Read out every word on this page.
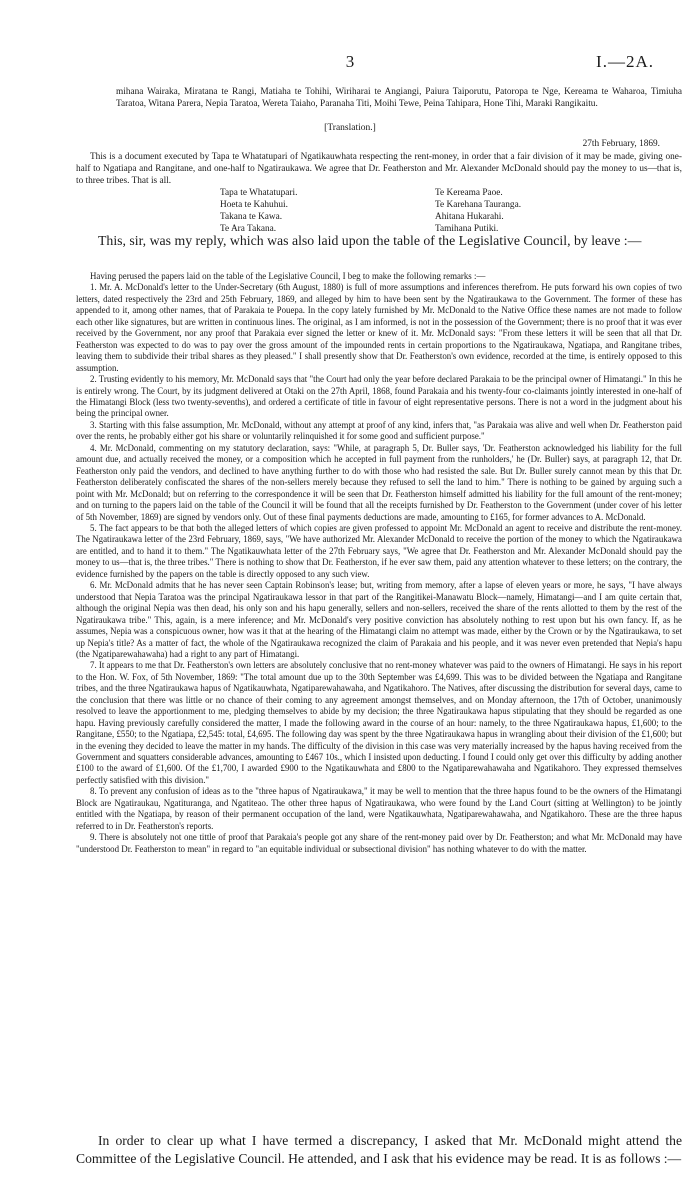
3	I.—2A.
mihana Wairaka, Miratana te Rangi, Matiaha te Tohihi, Wiriharai te Angiangi, Paiura Taiporutu, Patoropa te Nge, Kereama te Waharoa, Timiuha Taratoa, Witana Parera, Nepia Taratoa, Wereta Taiaho, Paranaha Titi, Moihi Tewe, Peina Tahipara, Hone Tihi, Maraki Rangikaitu.
[Translation.]
27th February, 1869.
This is a document executed by Tapa te Whatatupari of Ngatikauwhata respecting the rent-money, in order that a fair division of it may be made, giving one-half to Ngatiapa and Rangitane, and one-half to Ngatiraukawa. We agree that Dr. Featherston and Mr. Alexander McDonald should pay the money to us—that is, to three tribes. That is all.
Tapa te Whatatupari.	Te Kereama Paoe.
Hoeta te Kahuhui.	Te Karehana Tauranga.
Takana te Kawa.	Ahitana Hukarahi.
Te Ara Takana.	Tamihana Putiki.
This, sir, was my reply, which was also laid upon the table of the Legislative Council, by leave :—

Having perused the papers laid on the table of the Legislative Council, I beg to make the following remarks :—

1. Mr. A. McDonald's letter to the Under-Secretary (6th August, 1880) is full of more assumptions and inferences therefrom. He puts forward his own copies of two letters, dated respectively the 23rd and 25th February, 1869, and alleged by him to have been sent by the Ngatiraukawa to the Government. The former of these has appended to it, among other names, that of Parakaia te Pouepa. In the copy lately furnished by Mr. McDonald to the Native Office these names are not made to follow each other like signatures, but are written in continuous lines. The original, as I am informed, is not in the possession of the Government; there is no proof that it was ever received by the Government, nor any proof that Parakaia ever signed the letter or knew of it. Mr. McDonald says: "From these letters it will be seen that all that Dr. Featherston was expected to do was to pay over the gross amount of the impounded rents in certain proportions to the Ngatiraukawa, Ngatiapa, and Rangitane tribes, leaving them to subdivide their tribal shares as they pleased." I shall presently show that Dr. Featherston's own evidence, recorded at the time, is entirely opposed to this assumption.

2. Trusting evidently to his memory, Mr. McDonald says that "the Court had only the year before declared Parakaia to be the principal owner of Himatangi." In this he is entirely wrong. The Court, by its judgment delivered at Otaki on the 27th April, 1868, found Parakaia and his twenty-four co-claimants jointly interested in one-half of the Himatangi Block (less two twenty-sevenths), and ordered a certificate of title in favour of eight representative persons. There is not a word in the judgment about his being the principal owner.

3. Starting with this false assumption, Mr. McDonald, without any attempt at proof of any kind, infers that, "as Parakaia was alive and well when Dr. Featherston paid over the rents, he probably either got his share or voluntarily relinquished it for some good and sufficient purpose."

4. Mr. McDonald, commenting on my statutory declaration, says: "While, at paragraph 5, Dr. Buller says, 'Dr. Featherston acknowledged his liability for the full amount due, and actually received the money, or a composition which he accepted in full payment from the runholders,' he (Dr. Buller) says, at paragraph 12, that Dr. Featherston only paid the vendors, and declined to have anything further to do with those who had resisted the sale. But Dr. Buller surely cannot mean by this that Dr. Featherston deliberately confiscated the shares of the non-sellers merely because they refused to sell the land to him." There is nothing to be gained by arguing such a point with Mr. McDonald; but on referring to the correspondence it will be seen that Dr. Featherston himself admitted his liability for the full amount of the rent-money; and on turning to the papers laid on the table of the Council it will be found that all the receipts furnished by Dr. Featherston to the Government (under cover of his letter of 5th November, 1869) are signed by vendors only. Out of these final payments deductions are made, amounting to £165, for former advances to A. McDonald.

5. The fact appears to be that both the alleged letters of which copies are given professed to appoint Mr. McDonald an agent to receive and distribute the rent-money. The Ngatiraukawa letter of the 23rd February, 1869, says, "We have authorized Mr. Alexander McDonald to receive the portion of the money to which the Ngatiraukawa are entitled, and to hand it to them." The Ngatikauwhata letter of the 27th February says, "We agree that Dr. Featherston and Mr. Alexander McDonald should pay the money to us—that is, the three tribes." There is nothing to show that Dr. Featherston, if he ever saw them, paid any attention whatever to these letters; on the contrary, the evidence furnished by the papers on the table is directly opposed to any such view.

6. Mr. McDonald admits that he has never seen Captain Robinson's lease; but, writing from memory, after a lapse of eleven years or more, he says, "I have always understood that Nepia Taratoa was the principal Ngatiraukawa lessor in that part of the Rangitikei-Manawatu Block—namely, Himatangi—and I am quite certain that, although the original Nepia was then dead, his only son and his hapu generally, sellers and non-sellers, received the share of the rents allotted to them by the rest of the Ngatiraukawa tribe." This, again, is a mere inference; and Mr. McDonald's very positive conviction has absolutely nothing to rest upon but his own fancy. If, as he assumes, Nepia was a conspicuous owner, how was it that at the hearing of the Himatangi claim no attempt was made, either by the Crown or by the Ngatiraukawa, to set up Nepia's title? As a matter of fact, the whole of the Ngatiraukawa recognized the claim of Parakaia and his people, and it was never even pretended that Nepia's hapu (the Ngatiparewahawaha) had a right to any part of Himatangi.

7. It appears to me that Dr. Featherston's own letters are absolutely conclusive that no rent-money whatever was paid to the owners of Himatangi. He says in his report to the Hon. W. Fox, of 5th November, 1869: "The total amount due up to the 30th September was £4,699. This was to be divided between the Ngatiapa and Rangitane tribes, and the three Ngatiraukawa hapus of Ngatikauwhata, Ngatiparewahawaha, and Ngatikahoro. The Natives, after discussing the distribution for several days, came to the conclusion that there was little or no chance of their coming to any agreement amongst themselves, and on Monday afternoon, the 17th of October, unanimously resolved to leave the apportionment to me, pledging themselves to abide by my decision; the three Ngatiraukawa hapus stipulating that they should be regarded as one hapu. Having previously carefully considered the matter, I made the following award in the course of an hour: namely, to the three Ngatiraukawa hapus, £1,600; to the Rangitane, £550; to the Ngatiapa, £2,545: total, £4,695. The following day was spent by the three Ngatiraukawa hapus in wrangling about their division of the £1,600; but in the evening they decided to leave the matter in my hands. The difficulty of the division in this case was very materially increased by the hapus having received from the Government and squatters considerable advances, amounting to £467 10s., which I insisted upon deducting. I found I could only get over this difficulty by adding another £100 to the award of £1,600. Of the £1,700, I awarded £900 to the Ngatikauwhata and £800 to the Ngatiparewahawaha and Ngatikahoro. They expressed themselves perfectly satisfied with this division."

8. To prevent any confusion of ideas as to the "three hapus of Ngatiraukawa," it may be well to mention that the three hapus found to be the owners of the Himatangi Block are Ngatiraukau, Ngatituranga, and Ngatiteao. The other three hapus of Ngatiraukawa, who were found by the Land Court (sitting at Wellington) to be jointly entitled with the Ngatiapa, by reason of their permanent occupation of the land, were Ngatikauwhata, Ngatiparewahawaha, and Ngatikahoro. These are the three hapus referred to in Dr. Featherston's reports.

9. There is absolutely not one tittle of proof that Parakaia's people got any share of the rent-money paid over by Dr. Featherston; and what Mr. McDonald may have "understood Dr. Featherston to mean" in regard to "an equitable individual or subsectional division" has nothing whatever to do with the matter.

In order to clear up what I have termed a discrepancy, I asked that Mr. McDonald might attend the Committee of the Legislative Council. He attended, and I ask that his evidence may be read. It is as follows :—
